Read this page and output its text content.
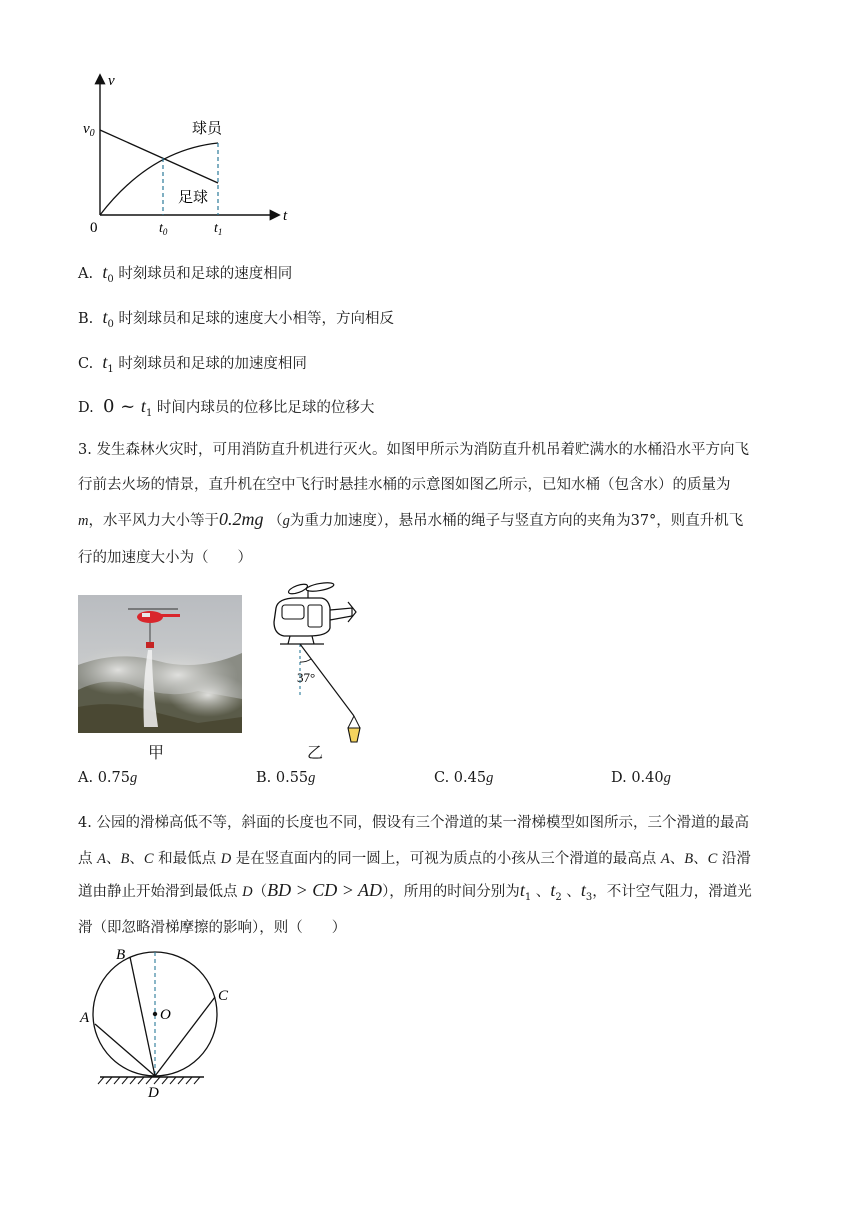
v
t
0
$v_0$	球员
足球
$t_0$	$t_1$
A. $t_0$ 时刻球员和足球的速度相同
B. $t_0$ 时刻球员和足球的速度大小相等，方向相反
C. $t_1$ 时刻球员和足球的加速度相同
D. 0 ~ $t_1$ 时间内球员的位移比足球的位移大
3. 发生森林火灾时，可用消防直升机进行灭火。如图甲所示为消防直升机吊着贮满水的水桶沿水平方向飞
行前去火场的情景，直升机在空中飞行时悬挂水桶的示意图如图乙所示，已知水桶（包含水）的质量为
m，水平风力大小等于0.2mg （g为重力加速度），悬吊水桶的绳子与竖直方向的夹角为37°，则直升机飞
行的加速度大小为（　　）
甲
37°
乙
A. 0.75g	B. 0.55g	C. 0.45g	D. 0.40g
4. 公园的滑梯高低不等，斜面的长度也不同，假设有三个滑道的某一滑梯模型如图所示，三个滑道的最高
点 A、B、C 和最低点 D 是在竖直面内的同一圆上，可视为质点的小孩从三个滑道的最高点 A、B、C 沿滑
道由静止开始滑到最低点 D（BD > CD > AD），所用的时间分别为$t_1$ 、$t_2$ 、$t_3$，不计空气阻力，滑道光
滑（即忽略滑梯摩擦的影响），则（　　）
B
A
C
O
D
